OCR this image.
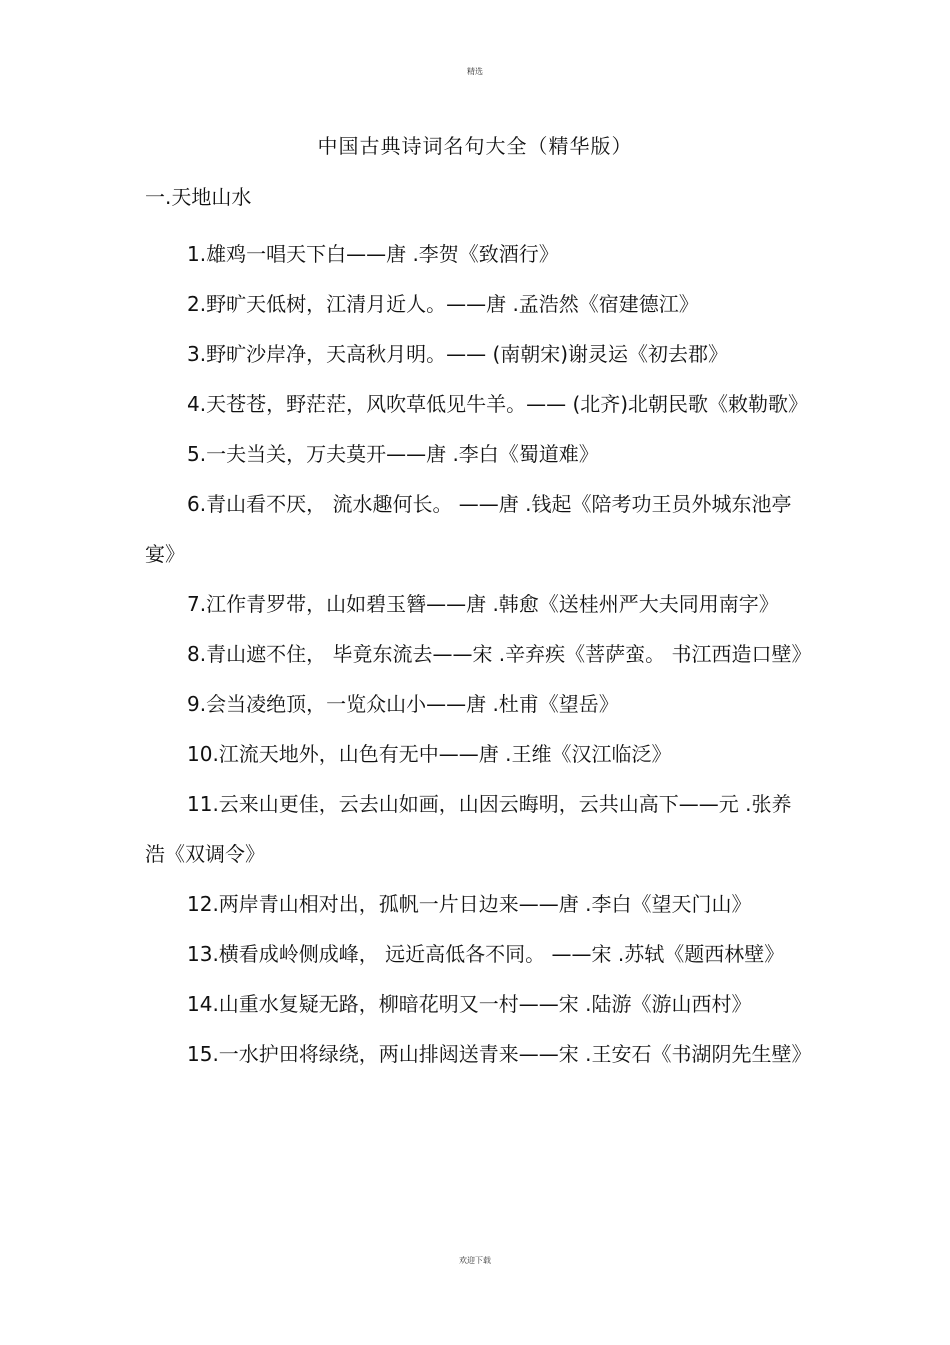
精选
中国古典诗词名句大全（精华版）
一.天地山水
1.雄鸡一唱天下白——唐 .李贺《致酒行》
2.野旷天低树，江清月近人。——唐 .孟浩然《宿建德江》
3.野旷沙岸净，天高秋月明。—— (南朝宋)谢灵运《初去郡》
4.天苍苍，野茫茫，风吹草低见牛羊。—— (北齐)北朝民歌《敕勒歌》
5.一夫当关，万夫莫开——唐 .李白《蜀道难》
6.青山看不厌， 流水趣何长。 ——唐 .钱起《陪考功王员外城东池亭宴》
7.江作青罗带，山如碧玉簪——唐 .韩愈《送桂州严大夫同用南字》
8.青山遮不住， 毕竟东流去——宋 .辛弃疾《菩萨蛮。 书江西造口壁》
9.会当凌绝顶，一览众山小——唐 .杜甫《望岳》
10.江流天地外，山色有无中——唐 .王维《汉江临泛》
11.云来山更佳，云去山如画，山因云晦明，云共山高下——元 .张养浩《双调令》
12.两岸青山相对出，孤帆一片日边来——唐 .李白《望天门山》
13.横看成岭侧成峰， 远近高低各不同。 ——宋 .苏轼《题西林壁》
14.山重水复疑无路，柳暗花明又一村——宋 .陆游《游山西村》
15.一水护田将绿绕，两山排闼送青来——宋 .王安石《书湖阴先生壁》
欢迎下载
